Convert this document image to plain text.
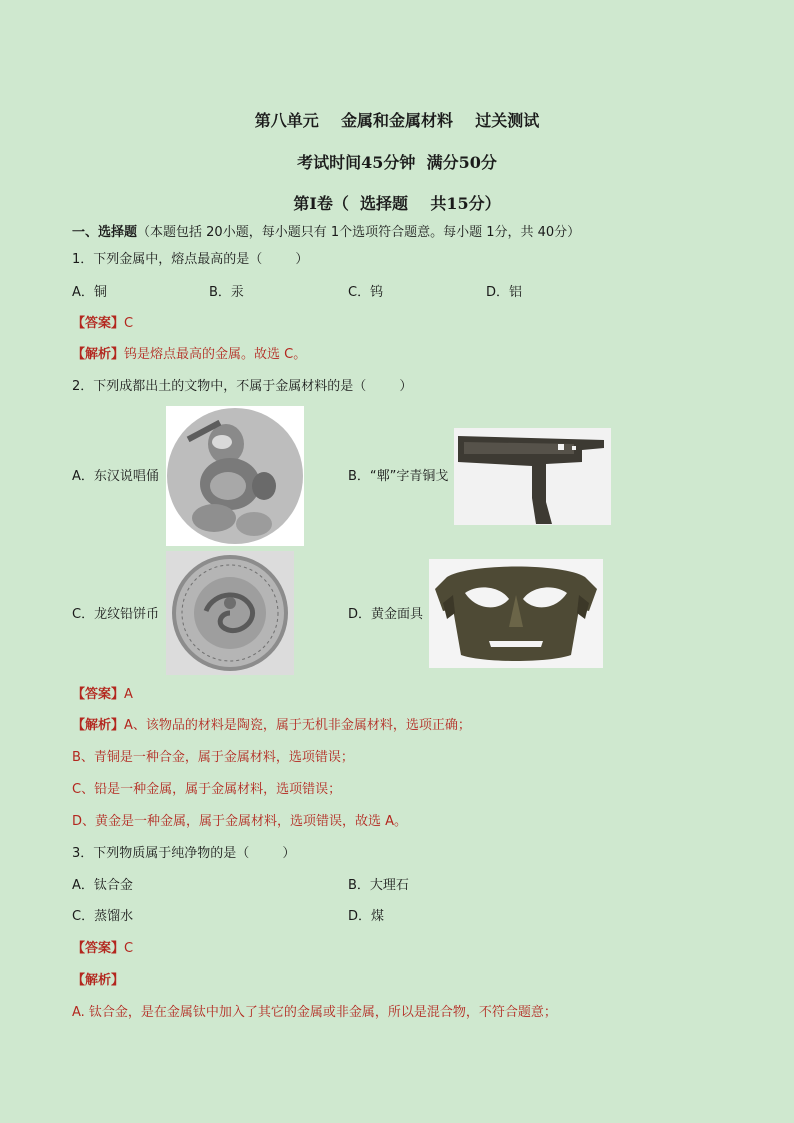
第八单元    金属和金属材料    过关测试
考试时间45分钟  满分50分
第Ⅰ卷（  选择题    共15分）
一、选择题（本题包括 20小题，每小题只有 1个选项符合题意。每小题 1分，共 40分）
1．下列金属中，熔点最高的是（        ）
A．铜	B．汞	C．钨	D．铝
【答案】C
【解析】钨是熔点最高的金属。故选 C。
2．下列成都出土的文物中，不属于金属材料的是（        ）
A．东汉说唱俑	B．“郫”字青铜戈
C．龙纹铅饼币	D．黄金面具
【答案】A
【解析】A、该物品的材料是陶瓷，属于无机非金属材料，选项正确；
B、青铜是一种合金，属于金属材料，选项错误；
C、铅是一种金属，属于金属材料，选项错误；
D、黄金是一种金属，属于金属材料，选项错误，故选 A。
3．下列物质属于纯净物的是（        ）
A．钛合金	B．大理石
C．蒸馏水	D．煤
【答案】C
【解析】
A. 钛合金，是在金属钛中加入了其它的金属或非金属，所以是混合物，不符合题意；
